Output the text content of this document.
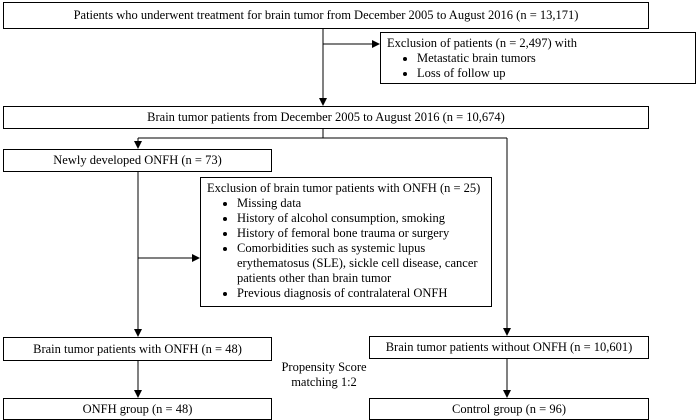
Patients who underwent treatment for brain tumor from December 2005 to August 2016 (n = 13,171)
Exclusion of patients (n = 2,497) with
• Metastatic brain tumors
• Loss of follow up
Brain tumor patients from December 2005 to August 2016 (n = 10,674)
Newly developed ONFH (n = 73)
Exclusion of brain tumor patients with ONFH (n = 25)
• Missing data
• History of alcohol consumption, smoking
• History of femoral bone trauma or surgery
• Comorbidities such as systemic lupus erythematosus (SLE), sickle cell disease, cancer patients other than brain tumor
• Previous diagnosis of contralateral ONFH
Brain tumor patients with ONFH (n = 48)	Brain tumor patients without ONFH (n = 10,601)
Propensity Score
matching 1:2
ONFH group (n = 48)	Control group (n = 96)
